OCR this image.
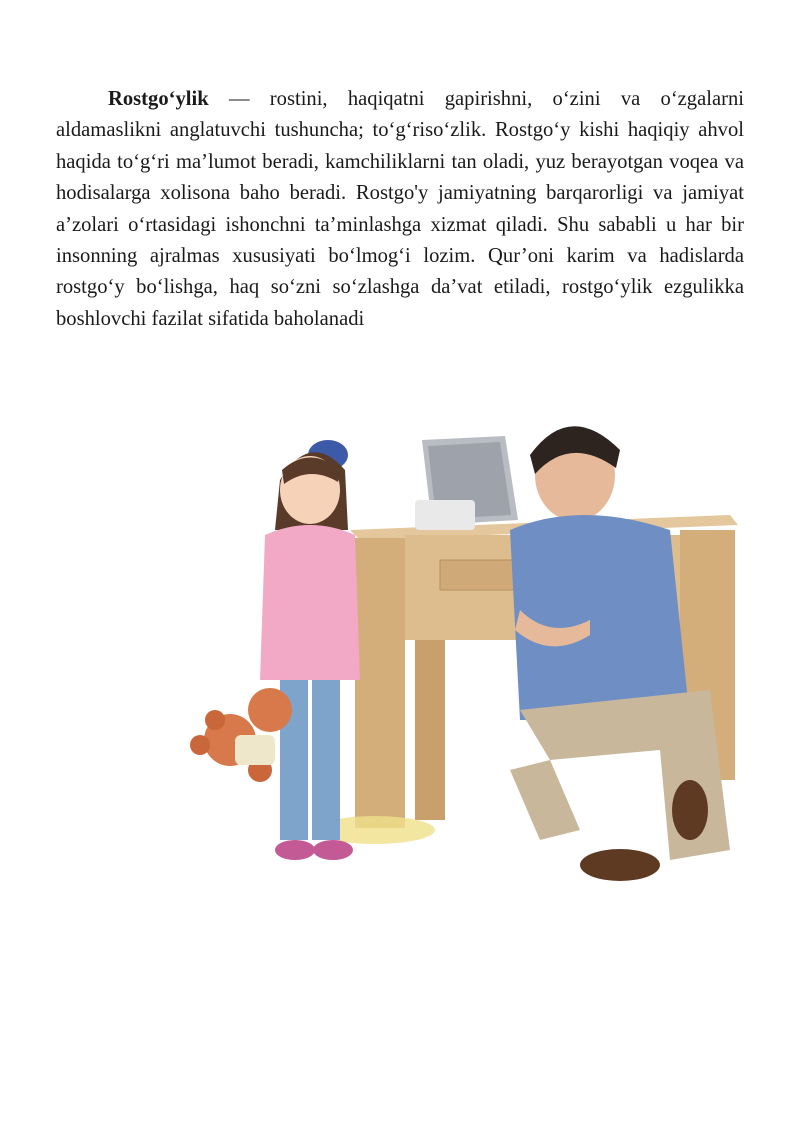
Rostgo‘ylik — rostini, haqiqatni gapirishni, o‘zini va o‘zgalarni aldamaslikni anglatuvchi tushuncha; to‘g‘riso‘zlik. Rostgo‘y kishi haqiqiy ahvol haqida to‘g‘ri ma’lumot beradi, kamchiliklarni tan oladi, yuz berayotgan voqea va hodisalarga xolisona baho beradi. Rostgo'y jamiyatning barqarorligi va jamiyat a’zolari o‘rtasidagi ishonchni ta’minlashga xizmat qiladi. Shu sababli u har bir insonning ajralmas xususiyati bo‘lmog‘i lozim. Qur’oni karim va hadislarda rostgo‘y bo‘lishga, haq so‘zni so‘zlashga da’vat etiladi, rostgo‘ylik ezgulikka boshlovchi fazilat sifatida baholanadi
